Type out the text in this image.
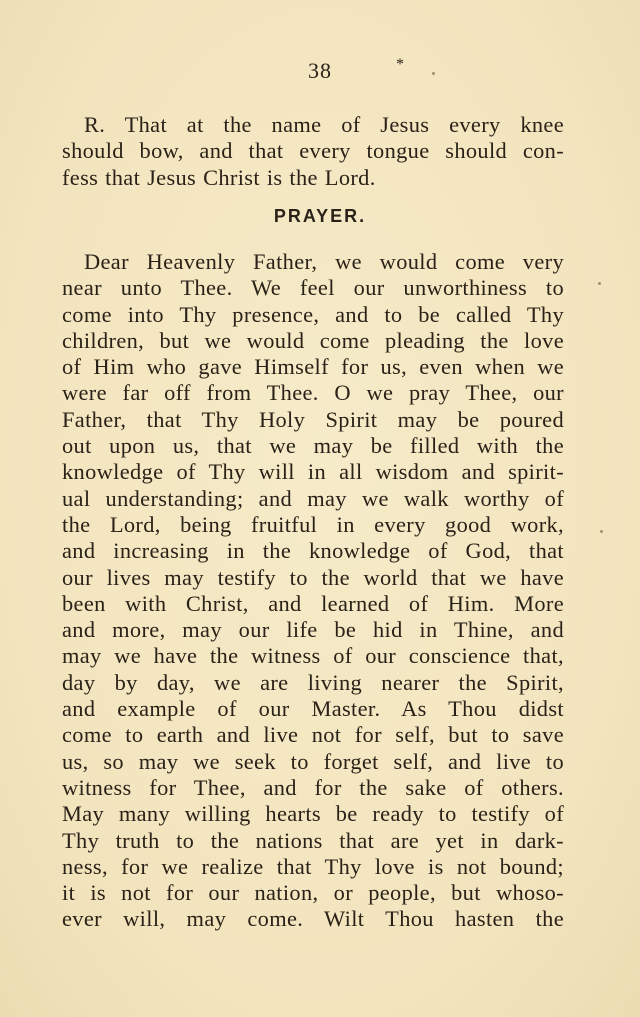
38	*
R. That at the name of Jesus every knee
should bow, and that every tongue should con-
fess that Jesus Christ is the Lord.
PRAYER.
Dear Heavenly Father, we would come very
near unto Thee. We feel our unworthiness to
come into Thy presence, and to be called Thy
children, but we would come pleading the love
of Him who gave Himself for us, even when we
were far off from Thee. O we pray Thee, our
Father, that Thy Holy Spirit may be poured
out upon us, that we may be filled with the
knowledge of Thy will in all wisdom and spirit-
ual understanding; and may we walk worthy of
the Lord, being fruitful in every good work,
and increasing in the knowledge of God, that
our lives may testify to the world that we have
been with Christ, and learned of Him. More
and more, may our life be hid in Thine, and
may we have the witness of our conscience that,
day by day, we are living nearer the Spirit,
and example of our Master. As Thou didst
come to earth and live not for self, but to save
us, so may we seek to forget self, and live to
witness for Thee, and for the sake of others.
May many willing hearts be ready to testify of
Thy truth to the nations that are yet in dark-
ness, for we realize that Thy love is not bound;
it is not for our nation, or people, but whoso-
ever will, may come. Wilt Thou hasten the
